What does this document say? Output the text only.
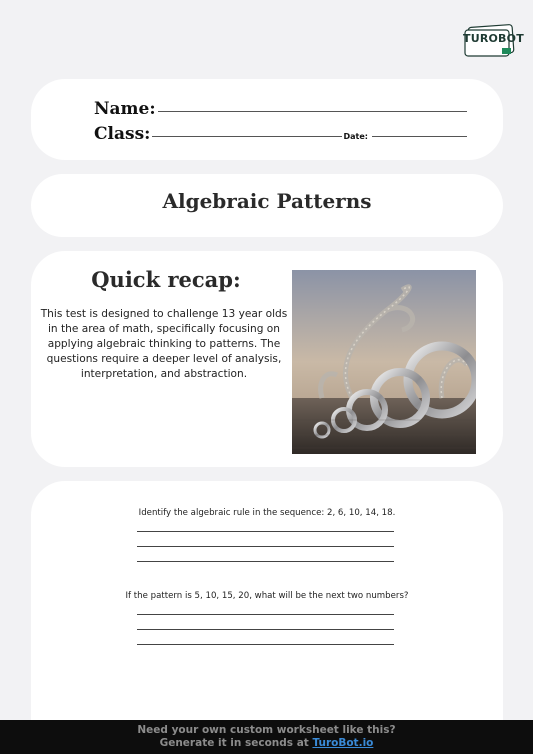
TUROBOT
Name:
Class:	Date:
Algebraic Patterns
Quick recap:
This test is designed to challenge 13 year olds in the area of math, specifically focusing on applying algebraic thinking to patterns. The questions require a deeper level of analysis, interpretation, and abstraction.
Identify the algebraic rule in the sequence: 2, 6, 10, 14, 18.
If the pattern is 5, 10, 15, 20, what will be the next two numbers?
Need your own custom worksheet like this?
Generate it in seconds at TuroBot.io
